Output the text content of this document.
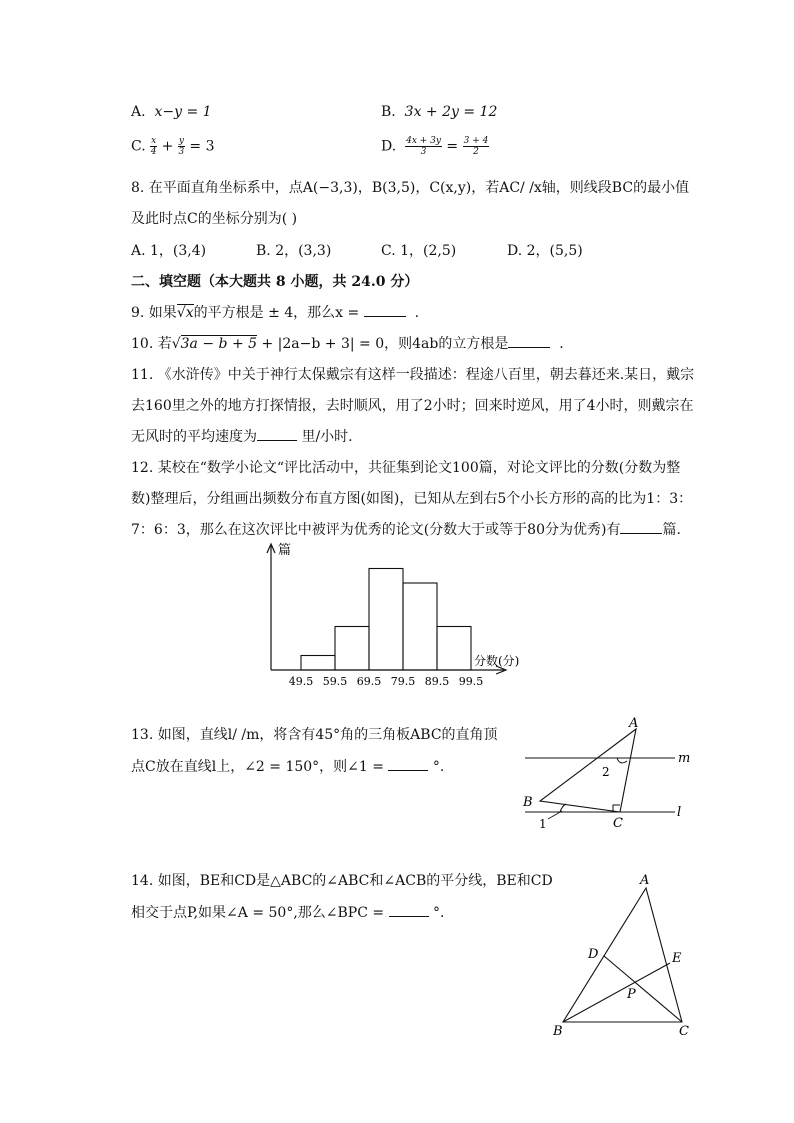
A. x−y = 1	B. 3x + 2y = 12
C. $\frac{x}{4} + \frac{y}{3} = 3$	D. $\frac{4x + 3y}{3} = \frac{3 + 4}{2}$
8. 在平面直角坐标系中，点A(−3,3)，B(3,5)，C(x,y)，若AC/ /x轴，则线段BC的最小值
及此时点C的坐标分别为( )
A. 1，(3,4)	B. 2，(3,3)	C. 1，(2,5)	D. 2，(5,5)
二、填空题（本大题共 8 小题，共 24.0 分）
9. 如果√x的平方根是 ± 4，那么x =	.
10. 若√3a − b + 5 + |2a−b + 3| = 0，则4ab的立方根是	.
11. 《水浒传》中关于神行太保戴宗有这样一段描述：程途八百里，朝去暮还来.某日，戴宗
去160里之外的地方打探情报，去时顺风，用了2小时；回来时逆风，用了4小时，则戴宗在
无风时的平均速度为	里/小时.
12. 某校在“数学小论文“评比活动中，共征集到论文100篇，对论文评比的分数(分数为整
数)整理后，分组画出频数分布直方图(如图)，已知从左到右5个小长方形的高的比为1：3：
7：6：3，那么在这次评比中被评为优秀的论文(分数大于或等于80分为优秀)有	篇.
篇
分数(分)
49.5 59.5 69.5 79.5 89.5 99.5
13. 如图，直线l/ /m，将含有45°角的三角板ABC的直角顶
点C放在直线l上，∠2 = 150°，则∠1 =	°.
A
B
C
m
l
1
2
14. 如图，BE和CD是△ABC的∠ABC和∠ACB的平分线，BE和CD
相交于点P,如果∠A = 50°,那么∠BPC =	°.
A
B	C
D	E
P
